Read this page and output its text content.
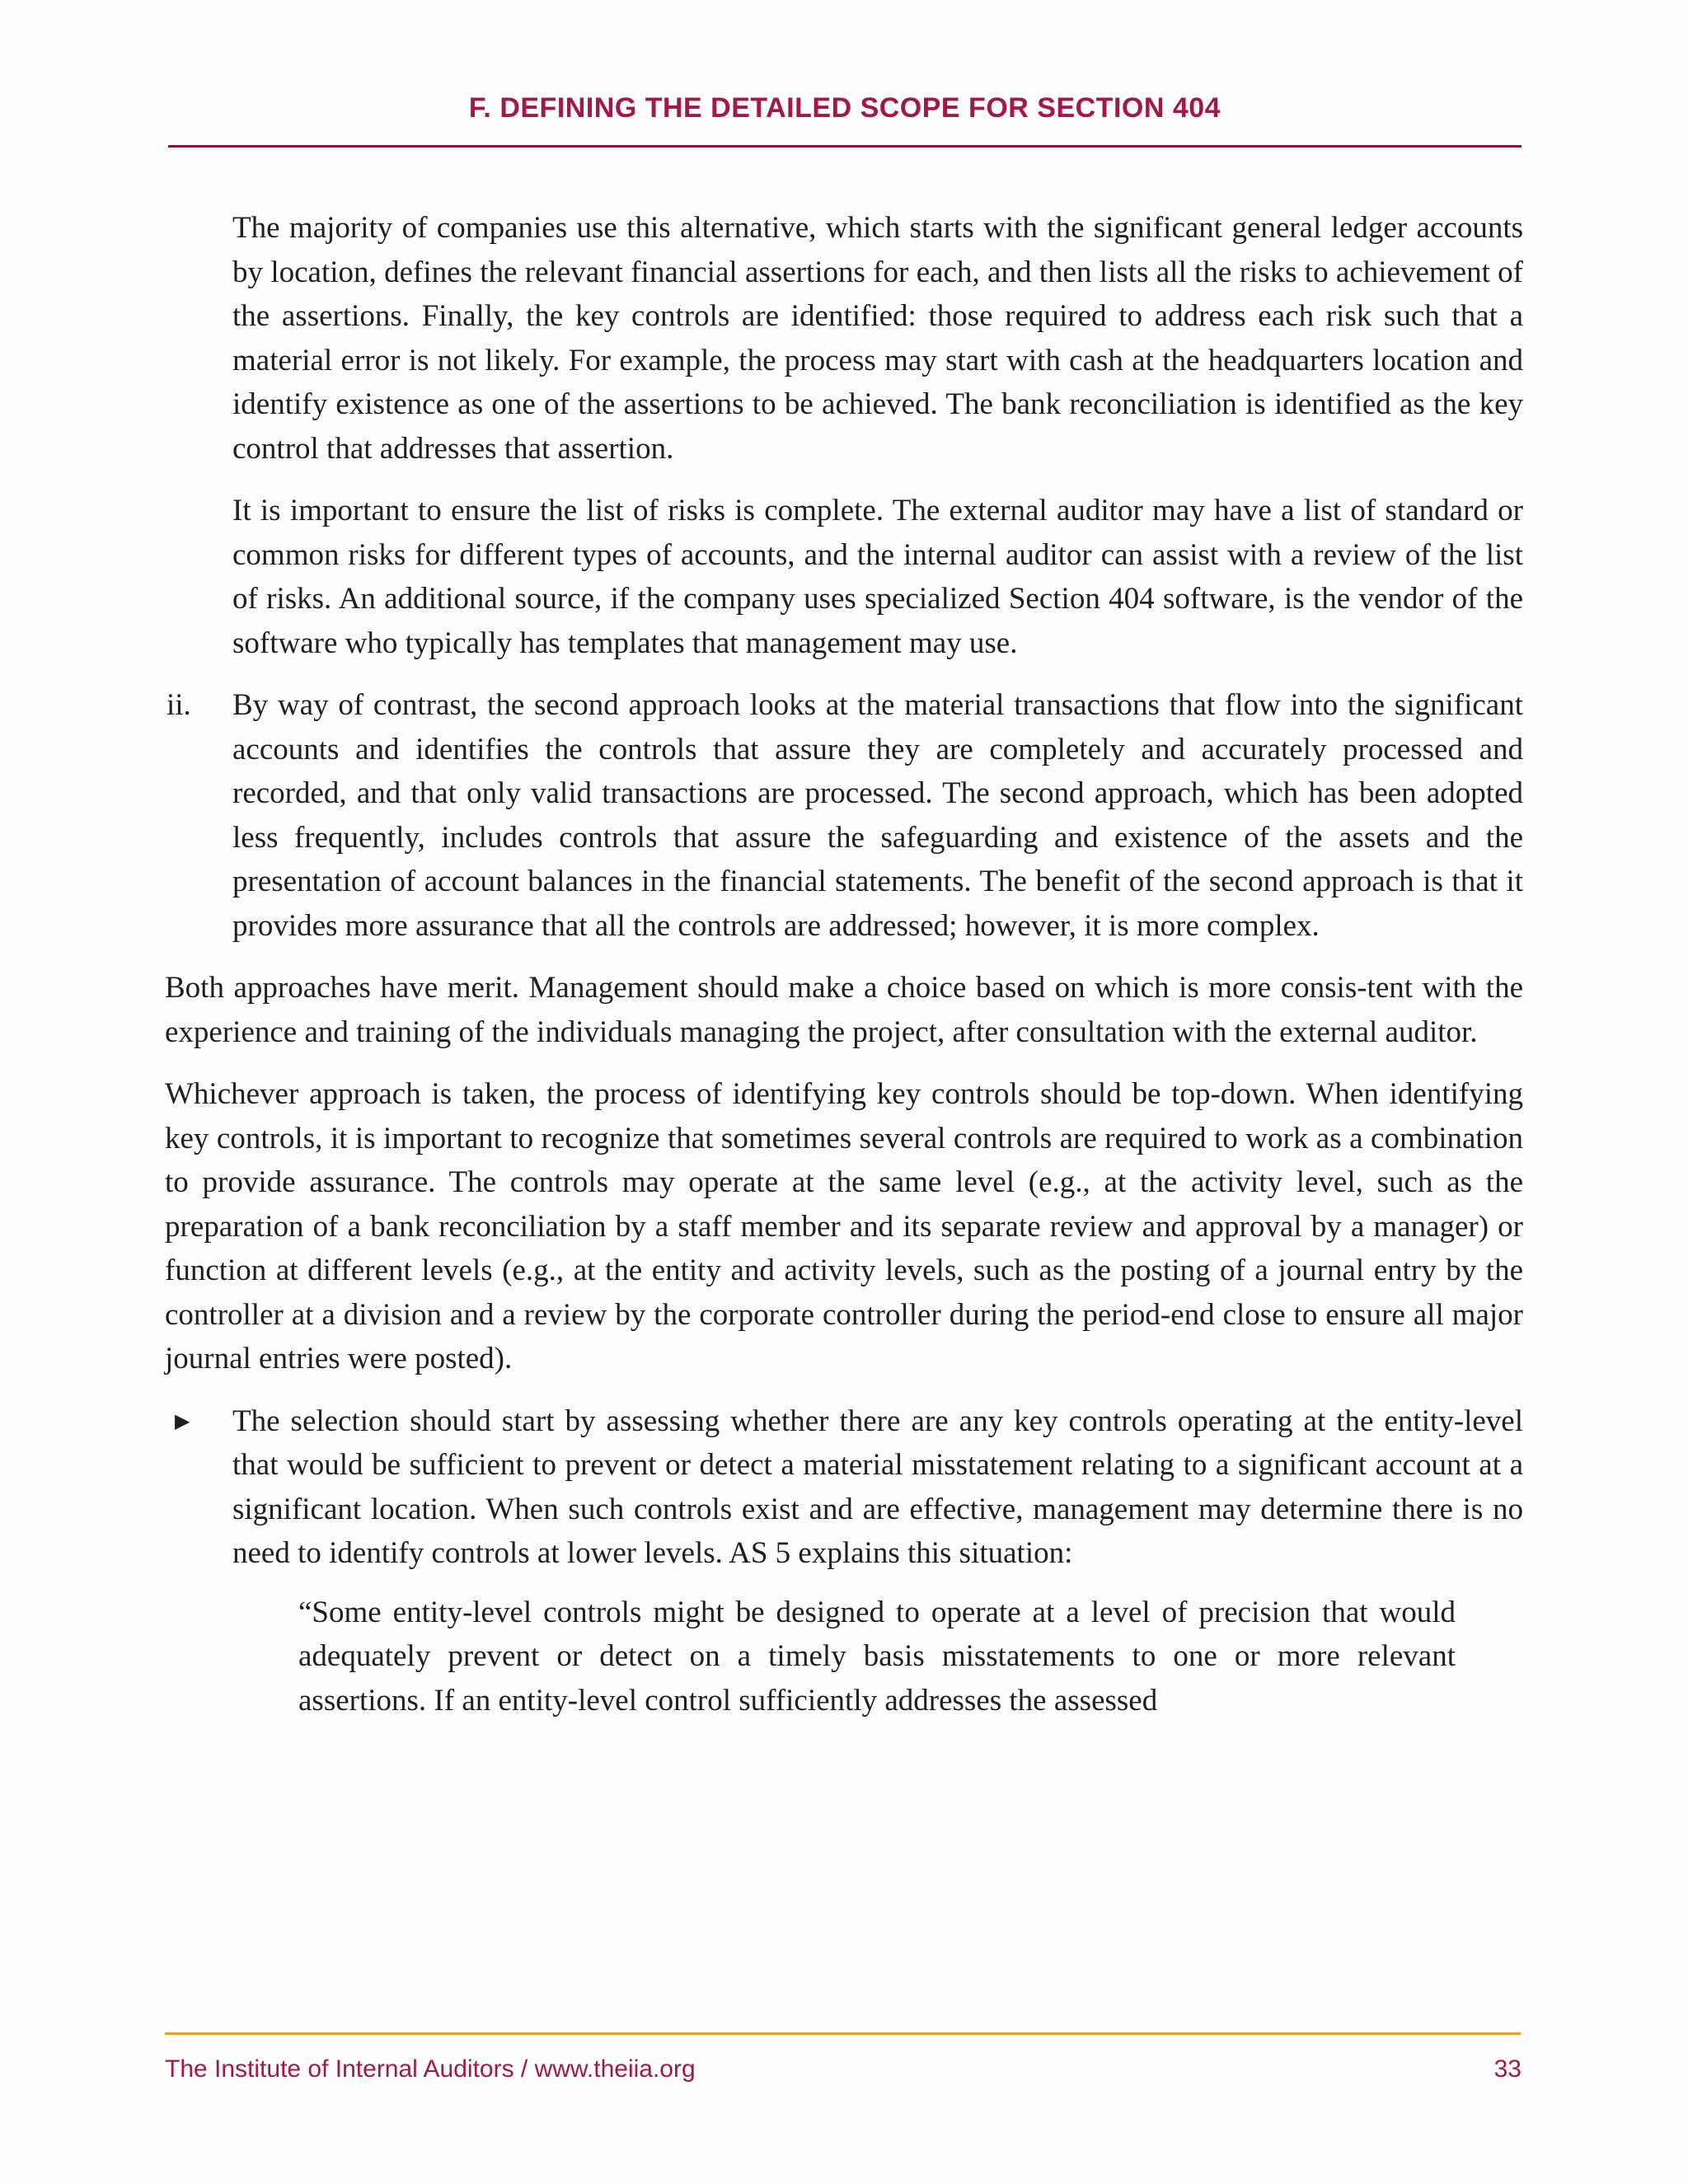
F. DEFINING THE DETAILED SCOPE FOR SECTION 404

The majority of companies use this alternative, which starts with the significant general ledger accounts by location, defines the relevant financial assertions for each, and then lists all the risks to achievement of the assertions. Finally, the key controls are identified: those required to address each risk such that a material error is not likely. For example, the process may start with cash at the headquarters location and identify existence as one of the assertions to be achieved. The bank reconciliation is identified as the key control that addresses that assertion.

It is important to ensure the list of risks is complete. The external auditor may have a list of standard or common risks for different types of accounts, and the internal auditor can assist with a review of the list of risks. An additional source, if the company uses specialized Section 404 software, is the vendor of the software who typically has templates that management may use.

ii. By way of contrast, the second approach looks at the material transactions that flow into the significant accounts and identifies the controls that assure they are completely and accurately processed and recorded, and that only valid transactions are processed. The second approach, which has been adopted less frequently, includes controls that assure the safeguarding and existence of the assets and the presentation of account balances in the financial statements. The benefit of the second approach is that it provides more assurance that all the controls are addressed; however, it is more complex.

Both approaches have merit. Management should make a choice based on which is more consis-tent with the experience and training of the individuals managing the project, after consultation with the external auditor.

Whichever approach is taken, the process of identifying key controls should be top-down. When identifying key controls, it is important to recognize that sometimes several controls are required to work as a combination to provide assurance. The controls may operate at the same level (e.g., at the activity level, such as the preparation of a bank reconciliation by a staff member and its separate review and approval by a manager) or function at different levels (e.g., at the entity and activity levels, such as the posting of a journal entry by the controller at a division and a review by the corporate controller during the period-end close to ensure all major journal entries were posted).

▶ The selection should start by assessing whether there are any key controls operating at the entity-level that would be sufficient to prevent or detect a material misstatement relating to a significant account at a significant location. When such controls exist and are effective, management may determine there is no need to identify controls at lower levels. AS 5 explains this situation:

“Some entity-level controls might be designed to operate at a level of precision that would adequately prevent or detect on a timely basis misstatements to one or more relevant assertions. If an entity-level control sufficiently addresses the assessed

The Institute of Internal Auditors / www.theiia.org	33
